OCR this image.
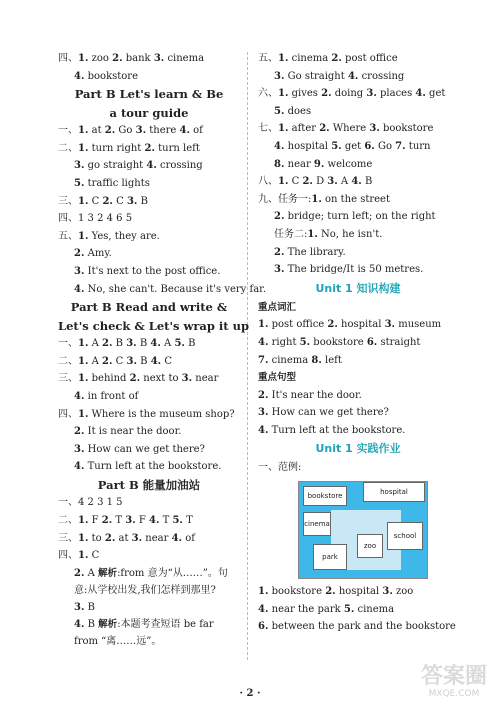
四、1. zoo 2. bank 3. cinema
4. bookstore
Part B Let's learn & Be
a tour guide
一、1. at 2. Go 3. there 4. of
二、1. turn right 2. turn left
3. go straight 4. crossing
5. traffic lights
三、1. C 2. C 3. B
四、1 3 2 4 6 5
五、1. Yes, they are.
2. Amy.
3. It's next to the post office.
4. No, she can't. Because it's very far.
Part B Read and write &
Let's check & Let's wrap it up
一、1. A 2. B 3. B 4. A 5. B
二、1. A 2. C 3. B 4. C
三、1. behind 2. next to 3. near
4. in front of
四、1. Where is the museum shop?
2. It is near the door.
3. How can we get there?
4. Turn left at the bookstore.
Part B 能量加油站
一、4 2 3 1 5
二、1. F 2. T 3. F 4. T 5. T
三、1. to 2. at 3. near 4. of
四、1. C
2. A 解析:from 意为“从……”。句意:从学校出发,我们怎样到那里?
3. B
4. B 解析:本题考查短语 be far from “离……远”。
五、1. cinema 2. post office
3. Go straight 4. crossing
六、1. gives 2. doing 3. places 4. get
5. does
七、1. after 2. Where 3. bookstore
4. hospital 5. get 6. Go 7. turn
8. near 9. welcome
八、1. C 2. D 3. A 4. B
九、任务一:1. on the street
2. bridge; turn left; on the right
任务二:1. No, he isn't.
2. The library.
3. The bridge/It is 50 metres.
Unit 1 知识构建
重点词汇
1. post office 2. hospital 3. museum
4. right 5. bookstore 6. straight
7. cinema 8. left
重点句型
2. It's near the door.
3. How can we get there?
4. Turn left at the bookstore.
Unit 1 实践作业
一、范例:
bookstore	hospital
cinema
school
zoo
park
1. bookstore 2. hospital 3. zoo
4. near the park 5. cinema
6. between the park and the bookstore
· 2 ·
答案圈
MXQE.COM
